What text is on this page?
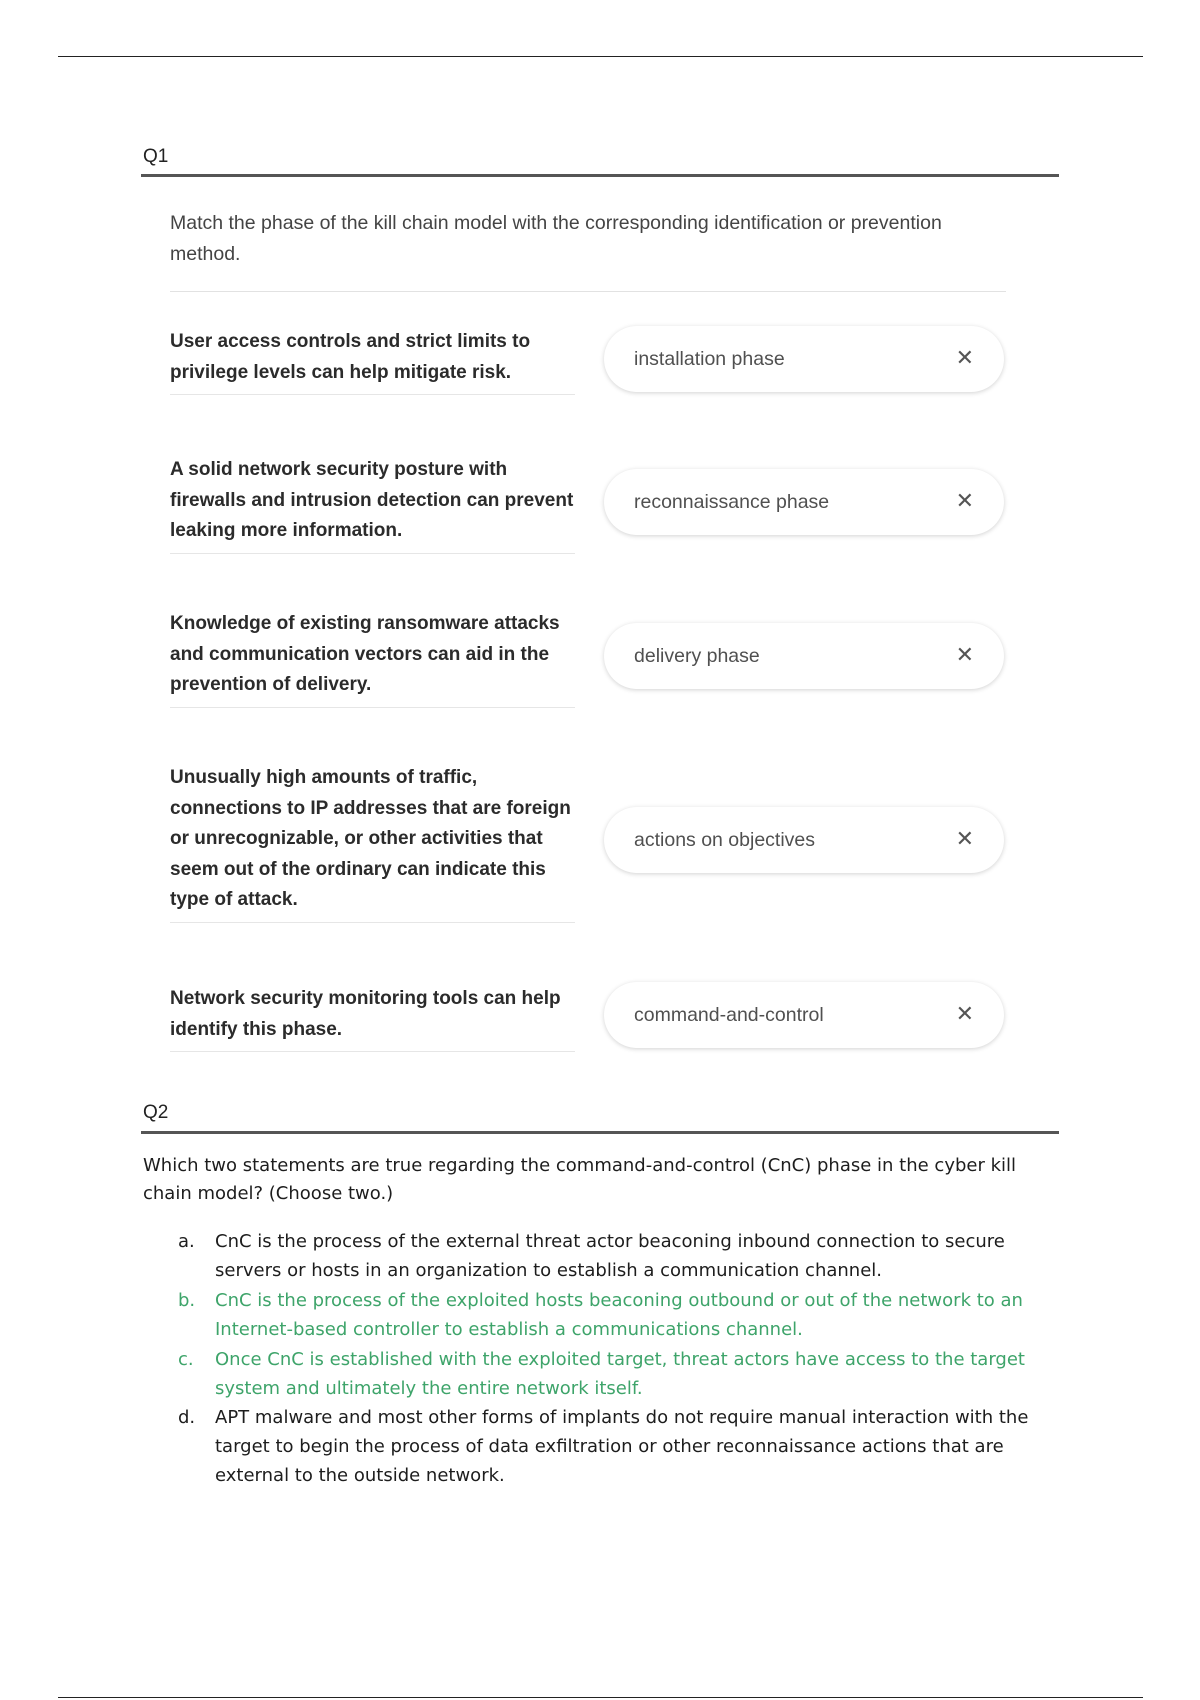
Q1
Match the phase of the kill chain model with the corresponding identification or prevention method.
User access controls and strict limits to privilege levels can help mitigate risk.
installation phase	✕
A solid network security posture with firewalls and intrusion detection can prevent leaking more information.
reconnaissance phase	✕
Knowledge of existing ransomware attacks and communication vectors can aid in the prevention of delivery.
delivery phase	✕
Unusually high amounts of traffic, connections to IP addresses that are foreign or unrecognizable, or other activities that seem out of the ordinary can indicate this type of attack.
actions on objectives	✕
Network security monitoring tools can help identify this phase.
command-and-control	✕
Q2
Which two statements are true regarding the command-and-control (CnC) phase in the cyber kill chain model? (Choose two.)
a.	CnC is the process of the external threat actor beaconing inbound connection to secure servers or hosts in an organization to establish a communication channel.
b.	CnC is the process of the exploited hosts beaconing outbound or out of the network to an Internet-based controller to establish a communications channel.
c.	Once CnC is established with the exploited target, threat actors have access to the target system and ultimately the entire network itself.
d.	APT malware and most other forms of implants do not require manual interaction with the target to begin the process of data exfiltration or other reconnaissance actions that are external to the outside network.
